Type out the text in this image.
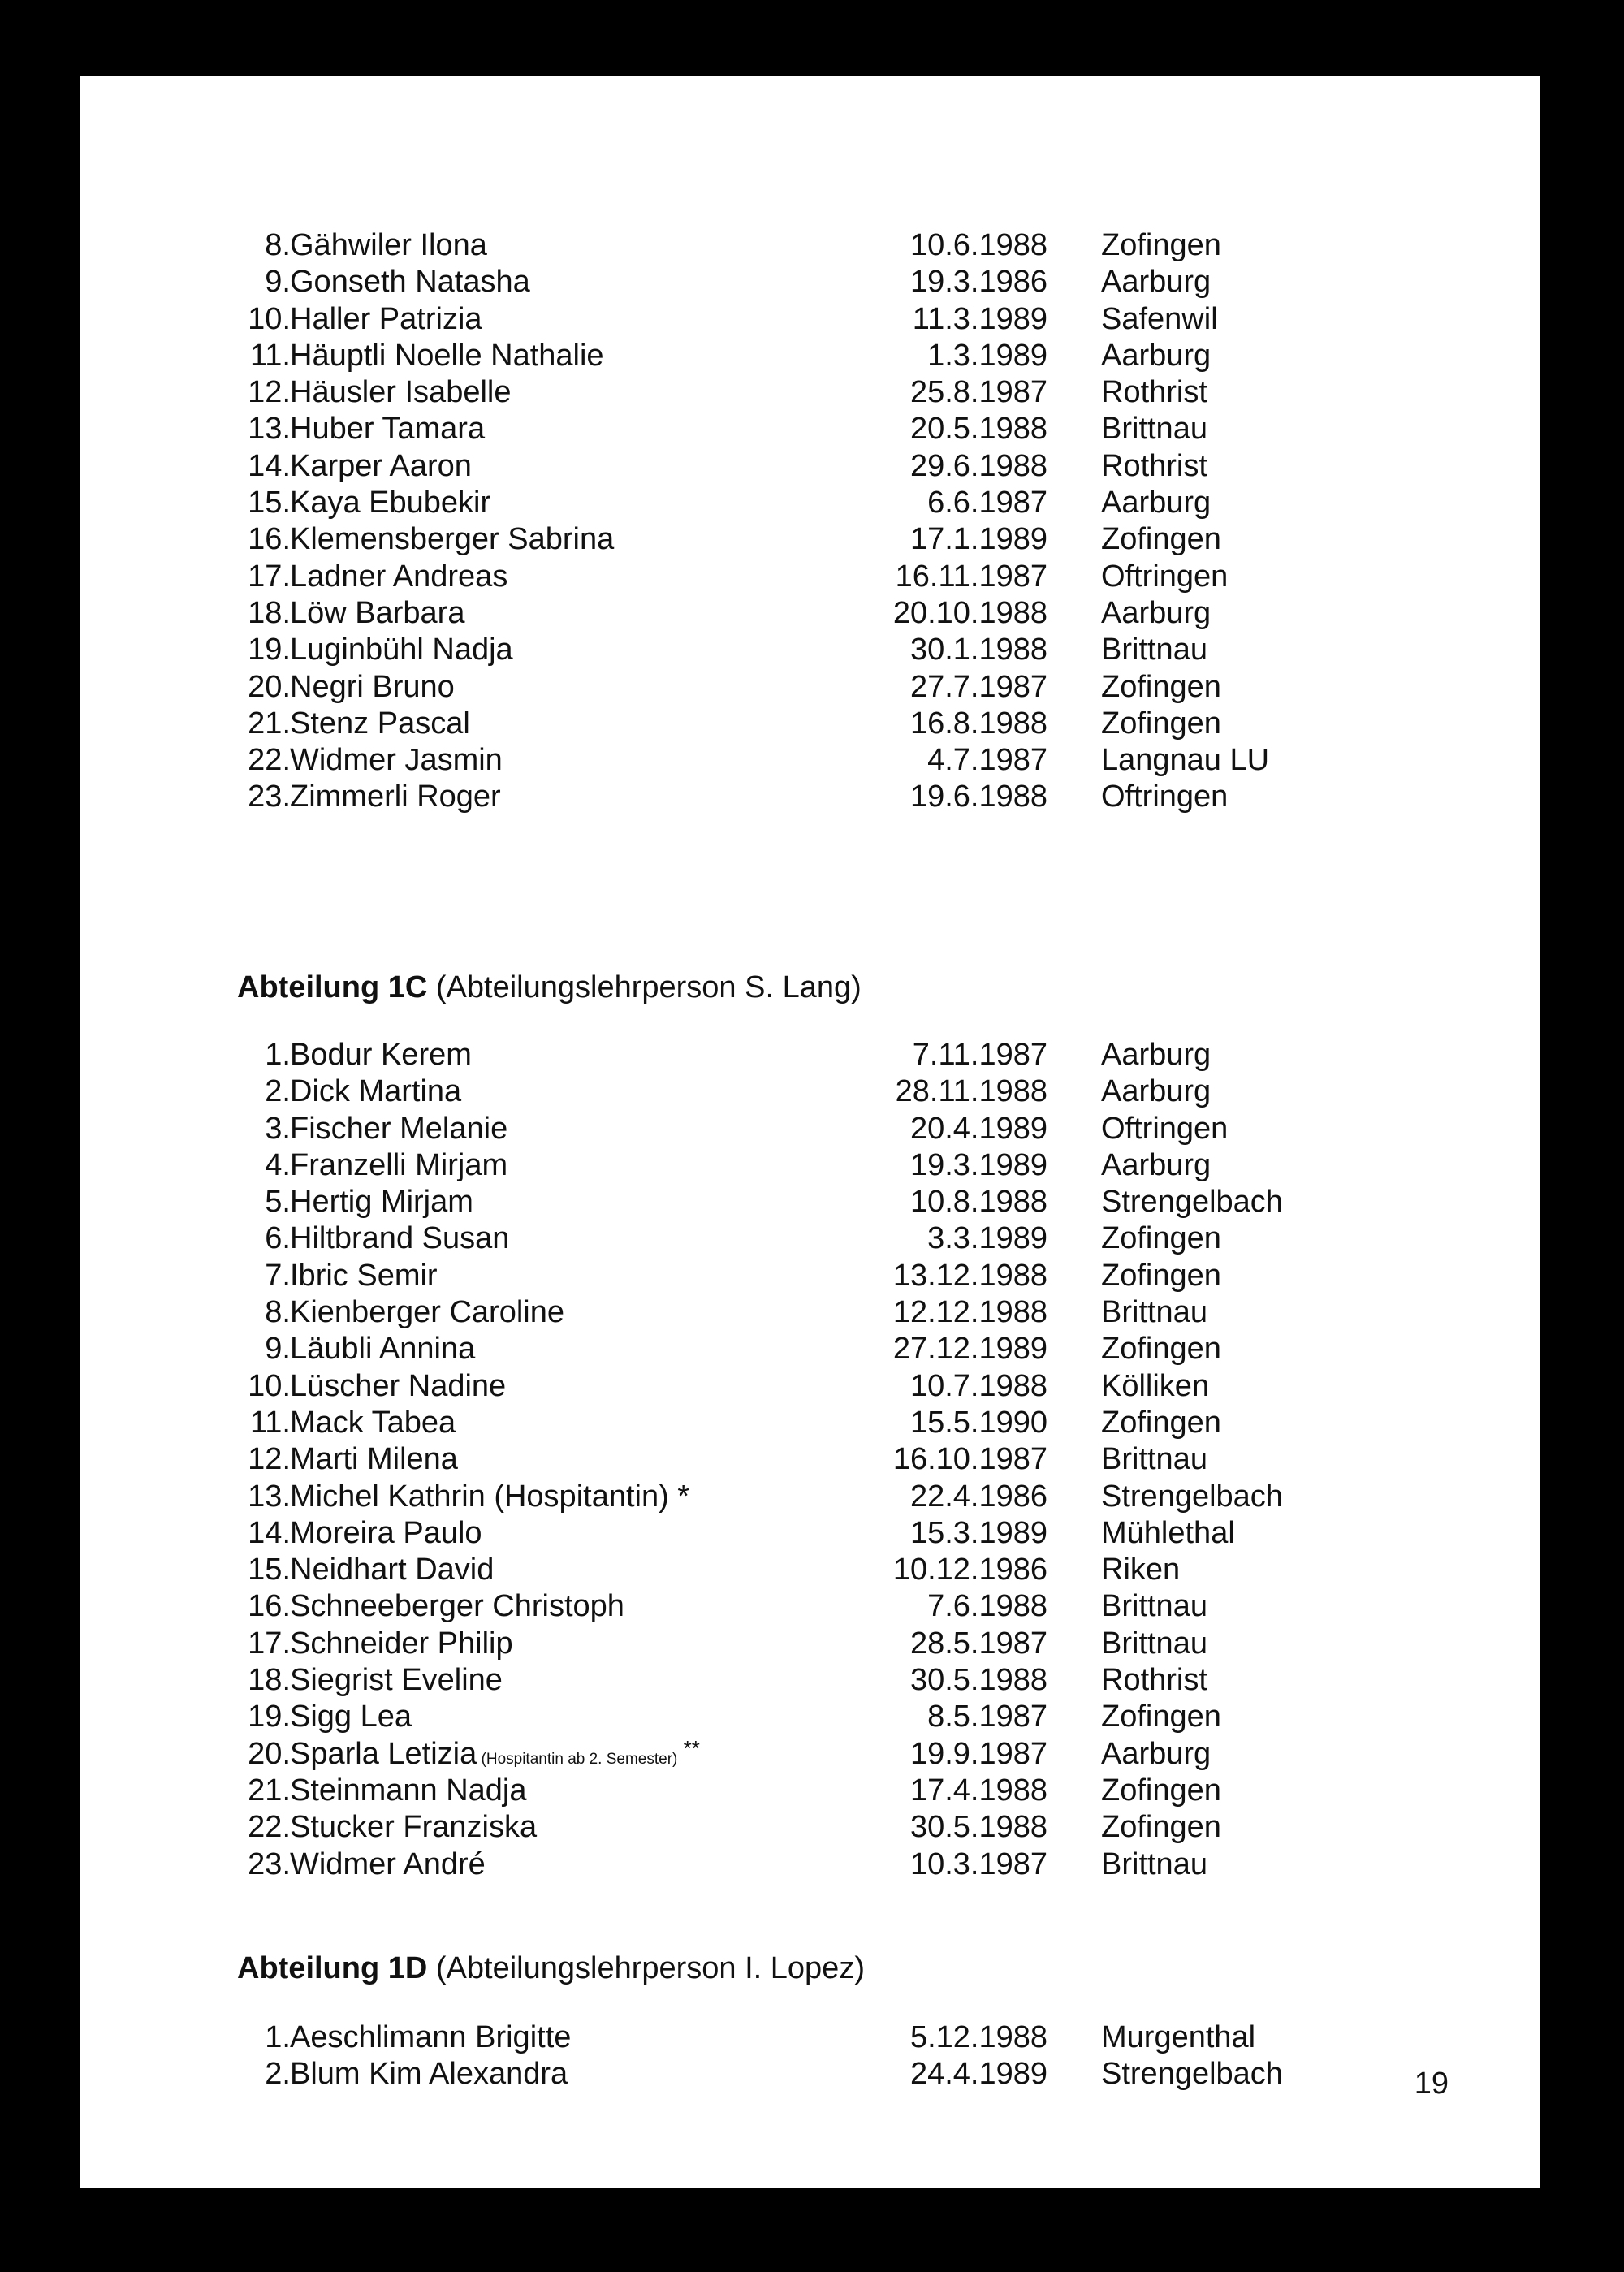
8. Gähwiler Ilona	10.6.1988 Zofingen
9. Gonseth Natasha	19.3.1986 Aarburg
10. Haller Patrizia	11.3.1989 Safenwil
11. Häuptli Noelle Nathalie	1.3.1989 Aarburg
12. Häusler Isabelle	25.8.1987 Rothrist
13. Huber Tamara	20.5.1988 Brittnau
14. Karper Aaron	29.6.1988 Rothrist
15. Kaya Ebubekir	6.6.1987 Aarburg
16. Klemensberger Sabrina	17.1.1989 Zofingen
17. Ladner Andreas	16.11.1987 Oftringen
18. Löw Barbara	20.10.1988 Aarburg
19. Luginbühl Nadja	30.1.1988 Brittnau
20. Negri Bruno	27.7.1987 Zofingen
21. Stenz Pascal	16.8.1988 Zofingen
22. Widmer Jasmin	4.7.1987 Langnau LU
23. Zimmerli Roger	19.6.1988 Oftringen
Abteilung 1C (Abteilungslehrperson S. Lang)
1. Bodur Kerem	7.11.1987 Aarburg
2. Dick Martina	28.11.1988 Aarburg
3. Fischer Melanie	20.4.1989 Oftringen
4. Franzelli Mirjam	19.3.1989 Aarburg
5. Hertig Mirjam	10.8.1988 Strengelbach
6. Hiltbrand Susan	3.3.1989 Zofingen
7. Ibric Semir	13.12.1988 Zofingen
8. Kienberger Caroline	12.12.1988 Brittnau
9. Läubli Annina	27.12.1989 Zofingen
10. Lüscher Nadine	10.7.1988 Kölliken
11. Mack Tabea	15.5.1990 Zofingen
12. Marti Milena	16.10.1987 Brittnau
13. Michel Kathrin (Hospitantin) *	22.4.1986 Strengelbach
14. Moreira Paulo	15.3.1989 Mühlethal
15. Neidhart David	10.12.1986 Riken
16. Schneeberger Christoph	7.6.1988 Brittnau
17. Schneider Philip	28.5.1987 Brittnau
18. Siegrist Eveline	30.5.1988 Rothrist
19. Sigg Lea	8.5.1987 Zofingen
20. Sparla Letizia (Hospitantin ab 2. Semester) **	19.9.1987 Aarburg
21. Steinmann Nadja	17.4.1988 Zofingen
22. Stucker Franziska	30.5.1988 Zofingen
23. Widmer André	10.3.1987 Brittnau
Abteilung 1D (Abteilungslehrperson I. Lopez)
1. Aeschlimann Brigitte	5.12.1988 Murgenthal
2. Blum Kim Alexandra	24.4.1989 Strengelbach	19
